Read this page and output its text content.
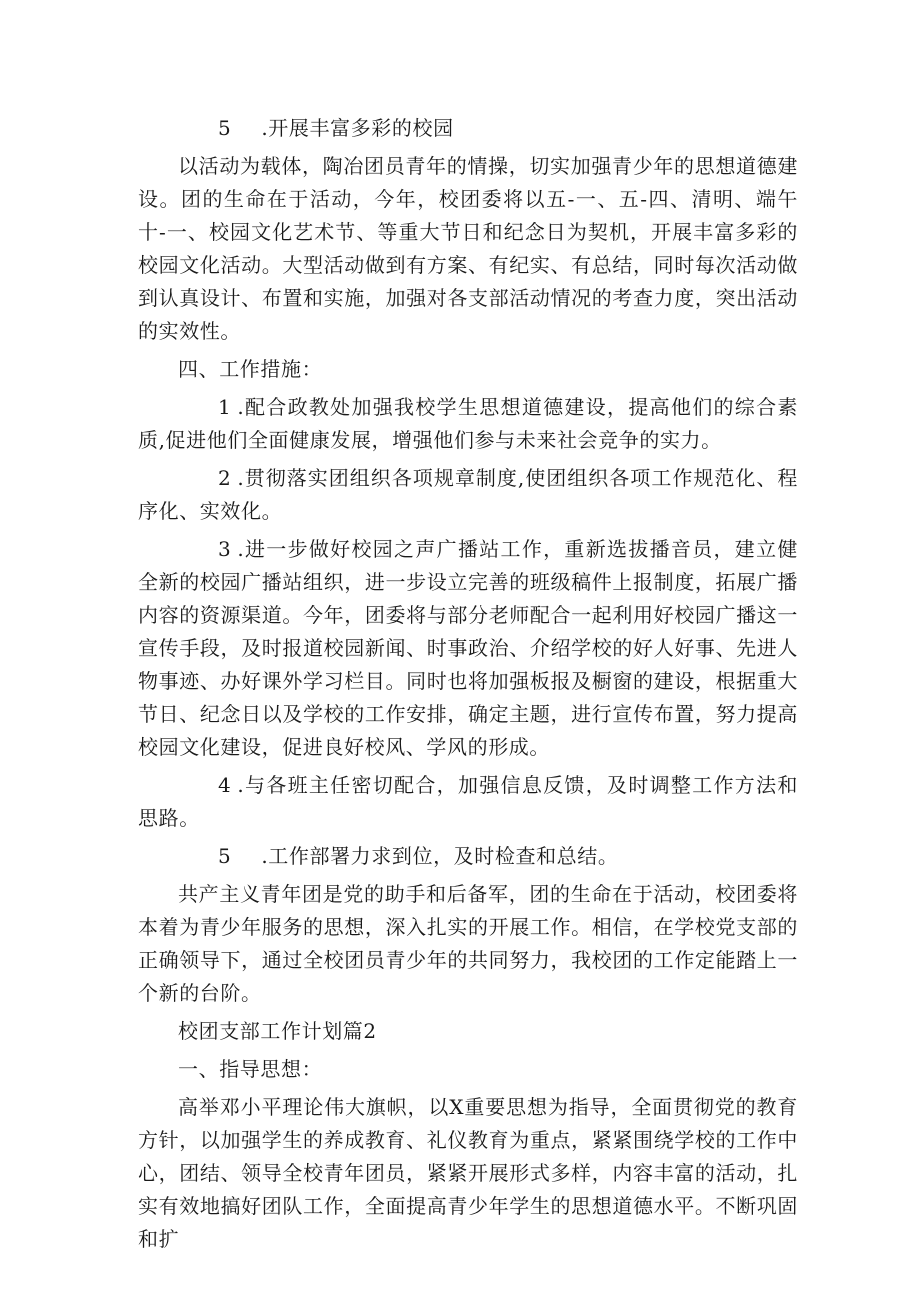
5 .开展丰富多彩的校园

以活动为载体，陶冶团员青年的情操，切实加强青少年的思想道德建设。团的生命在于活动，今年，校团委将以五-一、五-四、清明、端午十-一、校园文化艺术节、等重大节日和纪念日为契机，开展丰富多彩的校园文化活动。大型活动做到有方案、有纪实、有总结，同时每次活动做到认真设计、布置和实施，加强对各支部活动情况的考查力度，突出活动的实效性。

四、工作措施：

1 .配合政教处加强我校学生思想道德建设，提高他们的综合素质,促进他们全面健康发展，增强他们参与未来社会竞争的实力。

2 .贯彻落实团组织各项规章制度,使团组织各项工作规范化、程序化、实效化。

3 .进一步做好校园之声广播站工作，重新选拔播音员，建立健全新的校园广播站组织，进一步设立完善的班级稿件上报制度，拓展广播内容的资源渠道。今年，团委将与部分老师配合一起利用好校园广播这一宣传手段，及时报道校园新闻、时事政治、介绍学校的好人好事、先进人物事迹、办好课外学习栏目。同时也将加强板报及橱窗的建设，根据重大节日、纪念日以及学校的工作安排，确定主题，进行宣传布置，努力提高校园文化建设，促进良好校风、学风的形成。

4 .与各班主任密切配合，加强信息反馈，及时调整工作方法和思路。

5 .工作部署力求到位，及时检查和总结。

共产主义青年团是党的助手和后备军，团的生命在于活动，校团委将本着为青少年服务的思想，深入扎实的开展工作。相信，在学校党支部的正确领导下，通过全校团员青少年的共同努力，我校团的工作定能踏上一个新的台阶。

校团支部工作计划篇2

一、指导思想：

高举邓小平理论伟大旗帜，以X重要思想为指导，全面贯彻党的教育方针，以加强学生的养成教育、礼仪教育为重点，紧紧围绕学校的工作中心，团结、领导全校青年团员，紧紧开展形式多样，内容丰富的活动，扎实有效地搞好团队工作，全面提高青少年学生的思想道德水平。不断巩固和扩
